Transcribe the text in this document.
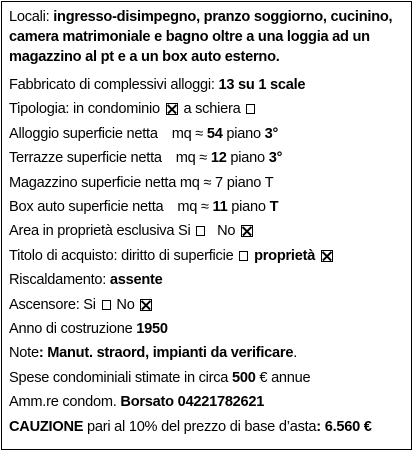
Locali: ingresso-disimpegno, pranzo soggiorno, cucinino, camera matrimoniale e bagno oltre a una loggia ad un magazzino al pt e a un box auto esterno.
Fabbricato di complessivi alloggi: 13 su 1 scale
Tipologia: in condominio a schiera
Alloggio superficie netta mq ≈ 54 piano 3°
Terrazze superficie netta mq ≈ 12 piano 3°
Magazzino superficie netta mq ≈ 7 piano T
Box auto superficie netta mq ≈ 11 piano T
Area in proprietà esclusiva Si No
Titolo di acquisto: diritto di superficie proprietà
Riscaldamento: assente
Ascensore: Si No
Anno di costruzione 1950
Note: Manut. straord, impianti da verificare.
Spese condominiali stimate in circa 500 € annue
Amm.re condom. Borsato 04221782621
CAUZIONE pari al 10% del prezzo di base d’asta: 6.560 €
